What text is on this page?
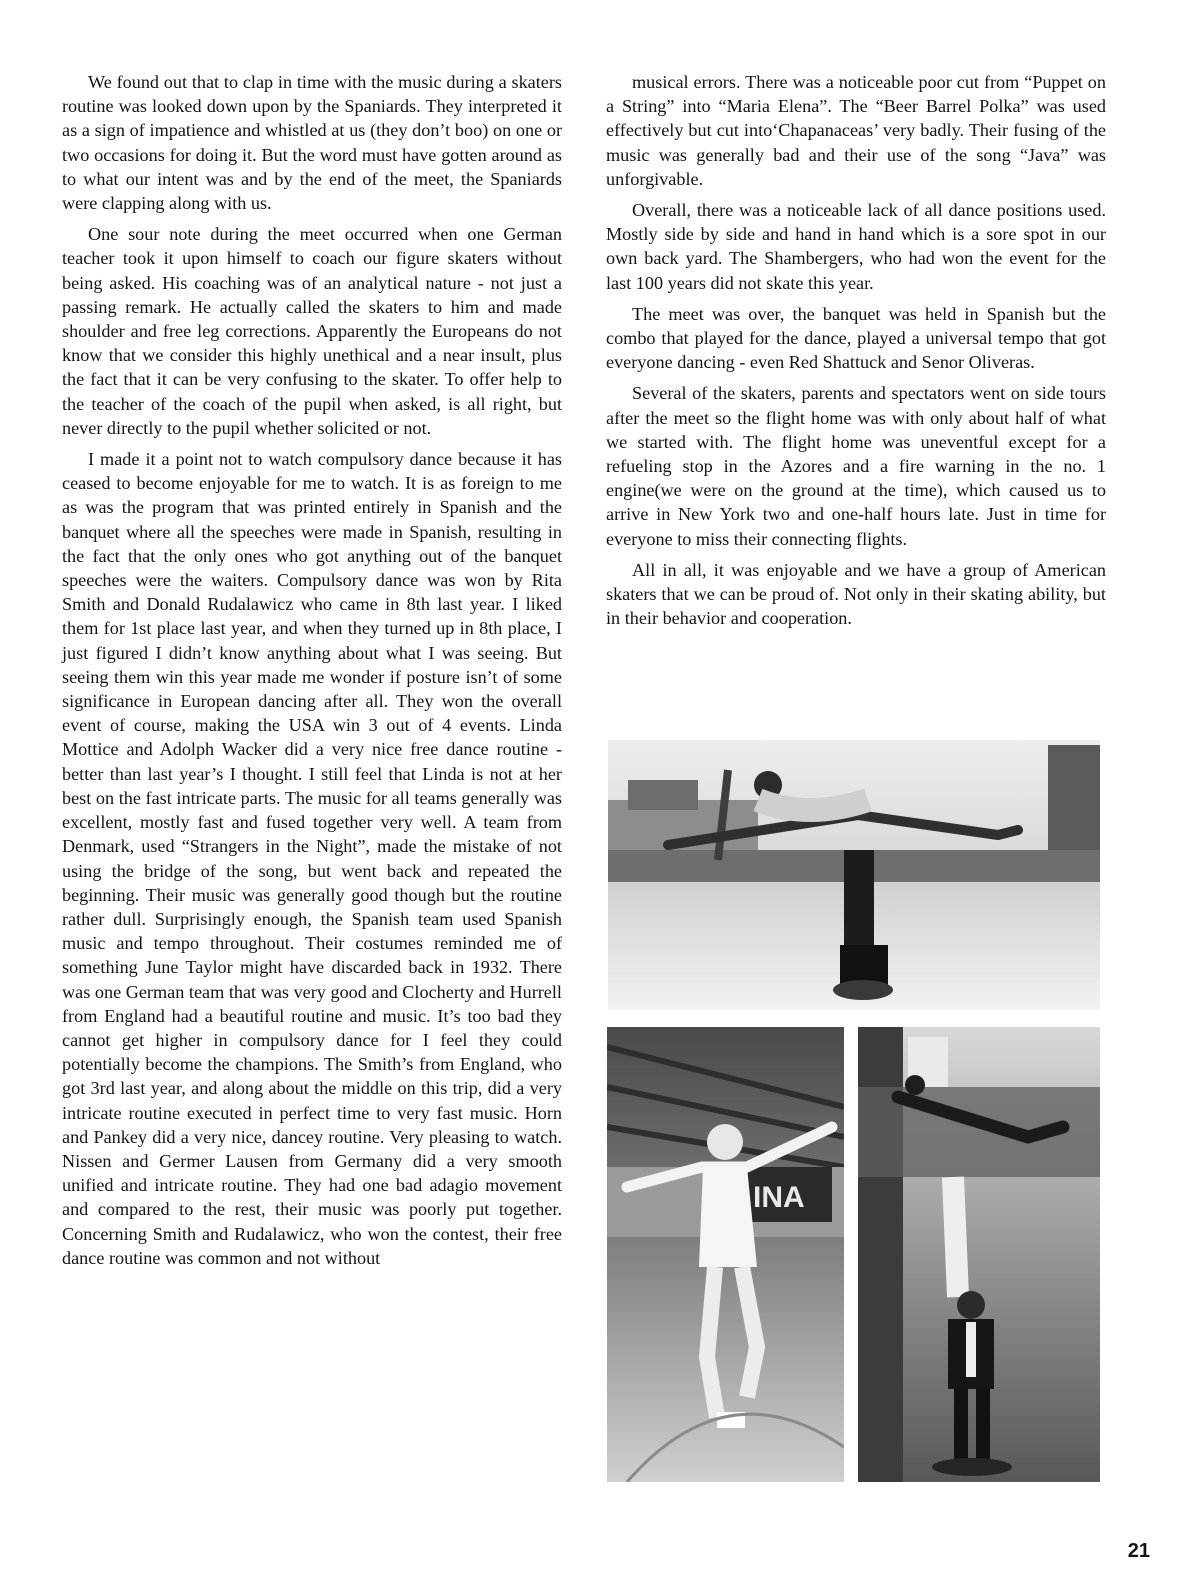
We found out that to clap in time with the music during a skaters routine was looked down upon by the Spaniards. They interpreted it as a sign of impatience and whistled at us (they don’t boo) on one or two occasions for doing it. But the word must have gotten around as to what our intent was and by the end of the meet, the Spaniards were clapping along with us.

One sour note during the meet occurred when one German teacher took it upon himself to coach our figure skaters without being asked. His coaching was of an analytical nature - not just a passing remark. He actually called the skaters to him and made shoulder and free leg corrections. Apparently the Europeans do not know that we consider this highly unethical and a near insult, plus the fact that it can be very confusing to the skater. To offer help to the teacher of the coach of the pupil when asked, is all right, but never directly to the pupil whether solicited or not.

I made it a point not to watch compulsory dance because it has ceased to become enjoyable for me to watch. It is as foreign to me as was the program that was printed entirely in Spanish and the banquet where all the speeches were made in Spanish, resulting in the fact that the only ones who got anything out of the banquet speeches were the waiters. Compulsory dance was won by Rita Smith and Donald Rudalawicz who came in 8th last year. I liked them for 1st place last year, and when they turned up in 8th place, I just figured I didn’t know anything about what I was seeing. But seeing them win this year made me wonder if posture isn’t of some significance in European dancing after all. They won the overall event of course, making the USA win 3 out of 4 events. Linda Mottice and Adolph Wacker did a very nice free dance routine - better than last year’s I thought. I still feel that Linda is not at her best on the fast intricate parts. The music for all teams generally was excellent, mostly fast and fused together very well. A team from Denmark, used “Strangers in the Night”, made the mistake of not using the bridge of the song, but went back and repeated the beginning. Their music was generally good though but the routine rather dull. Surprisingly enough, the Spanish team used Spanish music and tempo throughout. Their costumes reminded me of something June Taylor might have discarded back in 1932. There was one German team that was very good and Clocherty and Hurrell from England had a beautiful routine and music. It’s too bad they cannot get higher in compulsory dance for I feel they could potentially become the champions. The Smith’s from England, who got 3rd last year, and along about the middle on this trip, did a very intricate routine executed in perfect time to very fast music. Horn and Pankey did a very nice, dancey routine. Very pleasing to watch. Nissen and Germer Lausen from Germany did a very smooth unified and intricate routine. They had one bad adagio movement and compared to the rest, their music was poorly put together. Concerning Smith and Rudalawicz, who won the contest, their free dance routine was common and not without

musical errors. There was a noticeable poor cut from “Puppet on a String” into “Maria Elena”. The “Beer Barrel Polka” was used effectively but cut into‘Chapanaceas’ very badly. Their fusing of the music was generally bad and their use of the song “Java” was unforgivable.

Overall, there was a noticeable lack of all dance positions used. Mostly side by side and hand in hand which is a sore spot in our own back yard. The Shambergers, who had won the event for the last 100 years did not skate this year.

The meet was over, the banquet was held in Spanish but the combo that played for the dance, played a universal tempo that got everyone dancing - even Red Shattuck and Senor Oliveras.

Several of the skaters, parents and spectators went on side tours after the meet so the flight home was with only about half of what we started with. The flight home was uneventful except for a refueling stop in the Azores and a fire warning in the no. 1 engine(we were on the ground at the time), which caused us to arrive in New York two and one-half hours late. Just in time for everyone to miss their connecting flights.

All in all, it was enjoyable and we have a group of American skaters that we can be proud of. Not only in their skating ability, but in their behavior and cooperation.

INA
21
